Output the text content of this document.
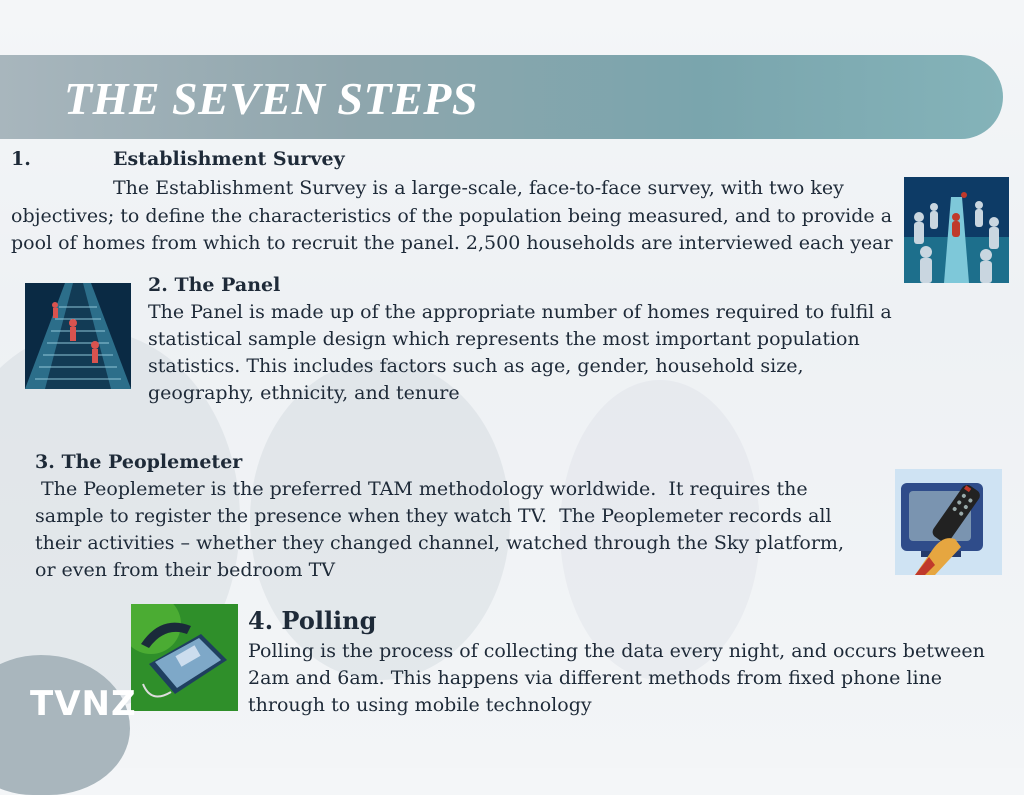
THE SEVEN STEPS
1.	Establishment Survey
The Establishment Survey is a large-scale, face-to-face survey, with two key objectives; to define the characteristics of the population being measured, and to provide a pool of homes from which to recruit the panel. 2,500 households are interviewed each year
2. The Panel
The Panel is made up of the appropriate number of homes required to fulfil a statistical sample design which represents the most important population statistics. This includes factors such as age, gender, household size, geography, ethnicity, and tenure
3. The Peoplemeter
The Peoplemeter is the preferred TAM methodology worldwide.  It requires the sample to register the presence when they watch TV.  The Peoplemeter records all their activities – whether they changed channel, watched through the Sky platform, or even from their bedroom TV
4. Polling
Polling is the process of collecting the data every night, and occurs between 2am and 6am. This happens via different methods from fixed phone line through to using mobile technology
TVNZ
